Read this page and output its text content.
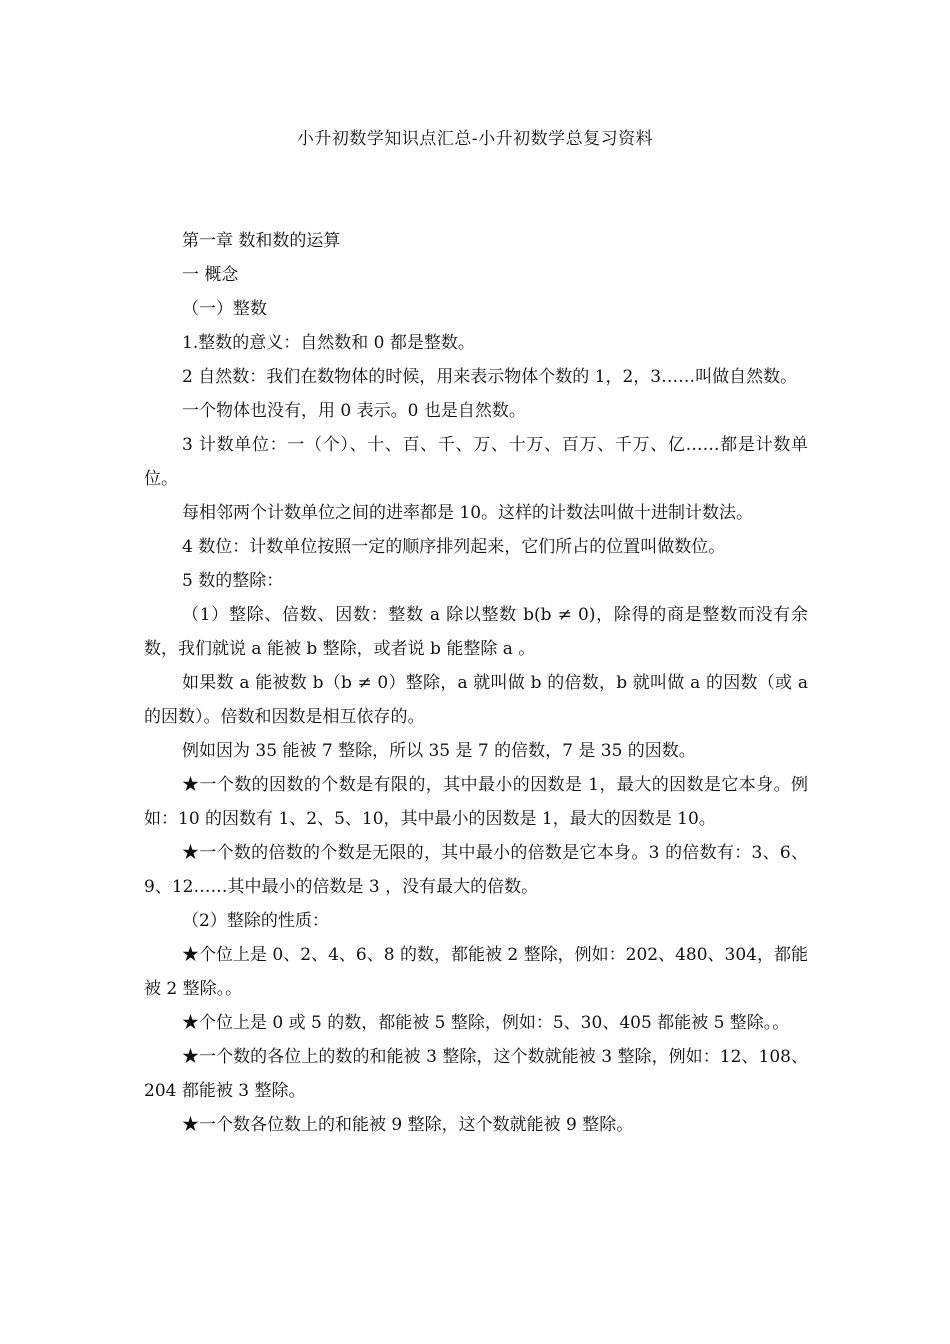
小升初数学知识点汇总-小升初数学总复习资料

第一章 数和数的运算

一 概念

（一）整数

1.整数的意义：自然数和 0 都是整数。

2 自然数：我们在数物体的时候，用来表示物体个数的 1，2，3……叫做自然数。

一个物体也没有，用 0 表示。0 也是自然数。

3 计数单位：一（个）、十、百、千、万、十万、百万、千万、亿……都是计数单位。

每相邻两个计数单位之间的进率都是 10。这样的计数法叫做十进制计数法。

4 数位：计数单位按照一定的顺序排列起来，它们所占的位置叫做数位。

5 数的整除：

（1）整除、倍数、因数：整数 a 除以整数 b(b ≠ 0)，除得的商是整数而没有余数，我们就说 a 能被 b 整除，或者说 b 能整除 a 。

如果数 a 能被数 b（b ≠ 0）整除，a 就叫做 b 的倍数，b 就叫做 a 的因数（或 a 的因数）。倍数和因数是相互依存的。

例如因为 35 能被 7 整除，所以 35 是 7 的倍数，7 是 35 的因数。

★一个数的因数的个数是有限的，其中最小的因数是 1，最大的因数是它本身。例如：10 的因数有 1、2、5、10，其中最小的因数是 1，最大的因数是 10。

★一个数的倍数的个数是无限的，其中最小的倍数是它本身。3 的倍数有：3、6、9、12……其中最小的倍数是 3 ，没有最大的倍数。

（2）整除的性质：

★个位上是 0、2、4、6、8 的数，都能被 2 整除，例如：202、480、304，都能被 2 整除。。

★个位上是 0 或 5 的数，都能被 5 整除，例如：5、30、405 都能被 5 整除。。

★一个数的各位上的数的和能被 3 整除，这个数就能被 3 整除，例如：12、108、204 都能被 3 整除。

★一个数各位数上的和能被 9 整除，这个数就能被 9 整除。
